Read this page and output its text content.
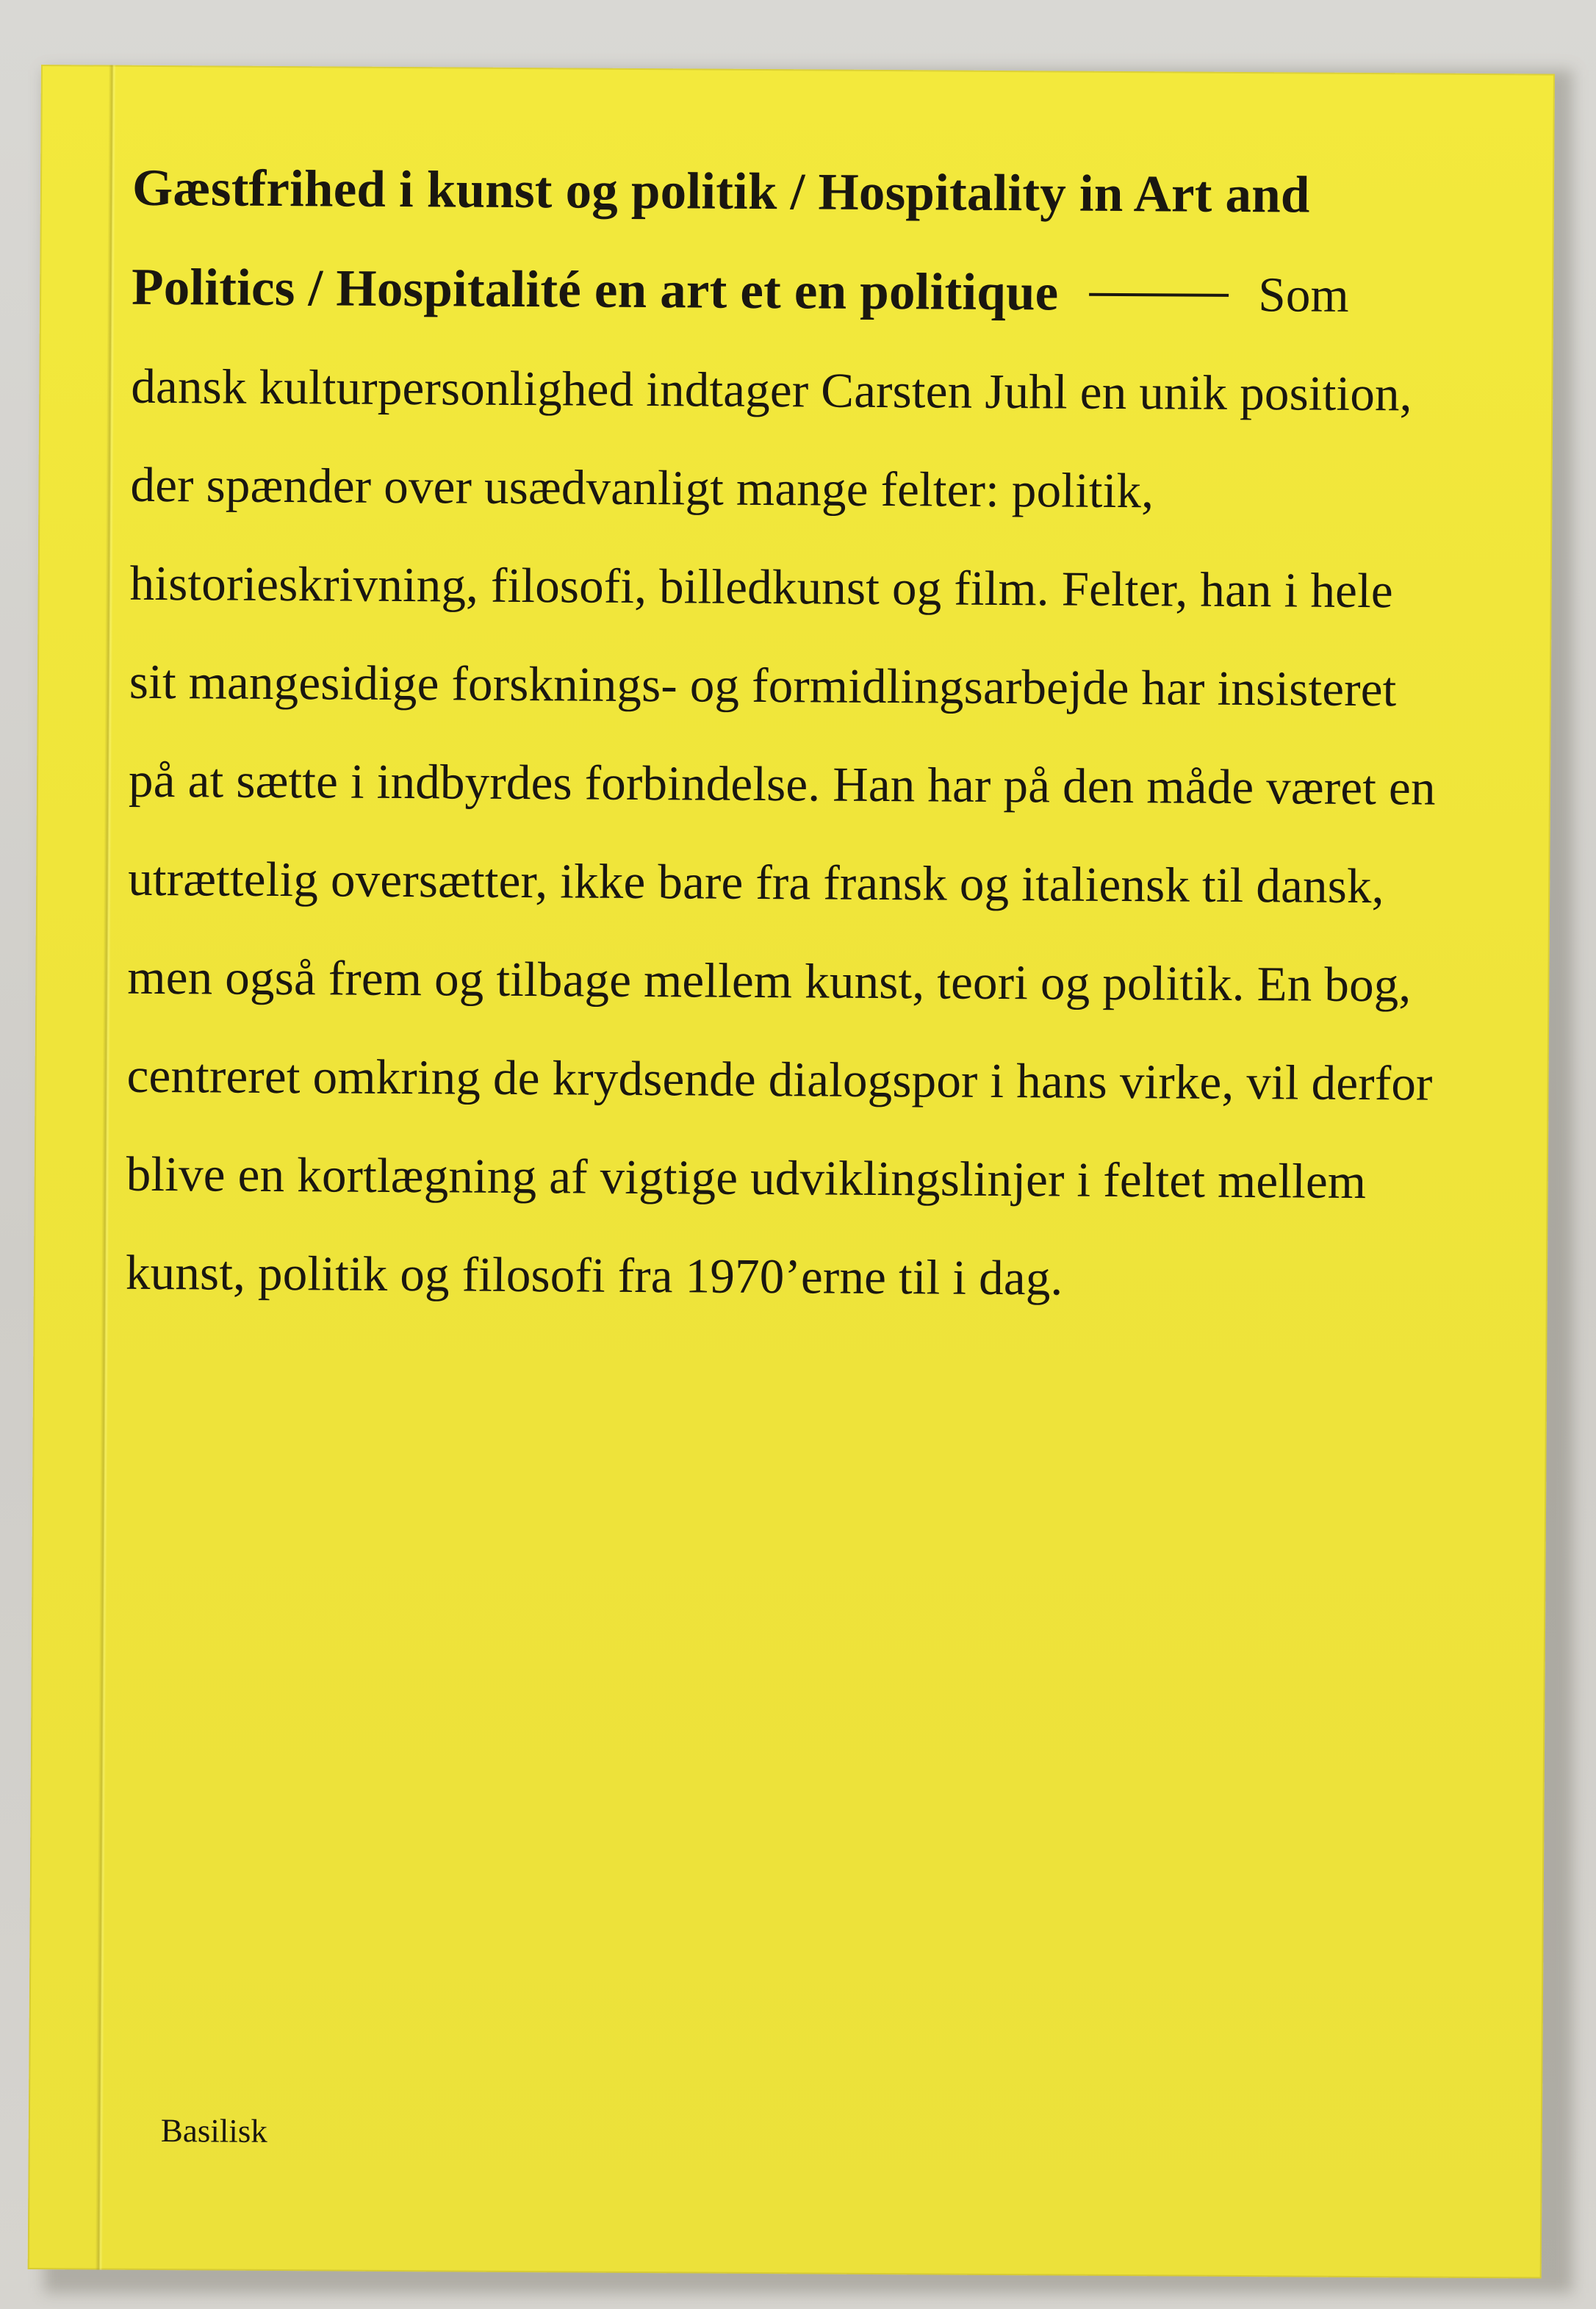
Gæstfrihed i kunst og politik / Hospitality in Art and Politics / Hospitalité en art et en politique	Som dansk kulturpersonlighed indtager Carsten Juhl en unik position, der spænder over usædvanligt mange felter: politik, historieskrivning, filosofi, billedkunst og film. Felter, han i hele sit mangesidige forsknings- og formidlingsarbejde har insisteret på at sætte i indbyrdes forbindelse. Han har på den måde været en utrættelig oversætter, ikke bare fra fransk og italiensk til dansk, men også frem og tilbage mellem kunst, teori og politik. En bog, centreret omkring de krydsende dialogspor i hans virke, vil derfor blive en kortlægning af vigtige udviklingslinjer i feltet mellem kunst, politik og filosofi fra 1970’erne til i dag.
Basilisk
